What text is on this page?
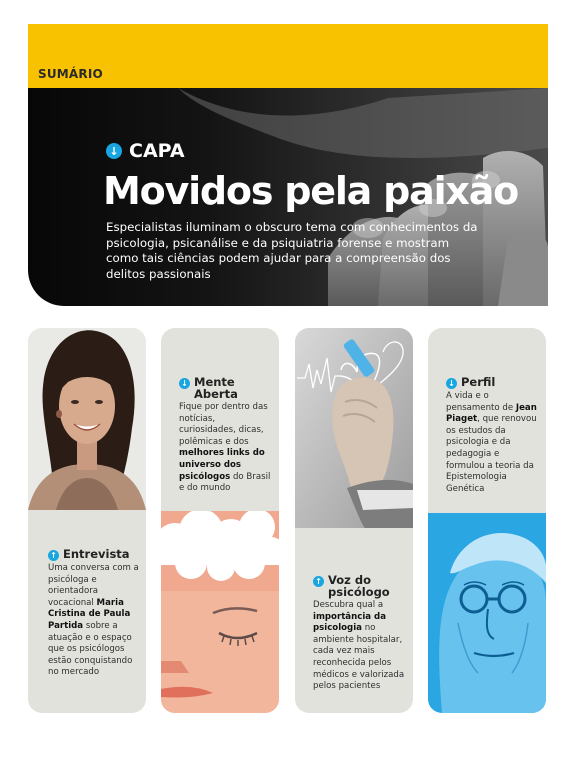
SUMÁRIO
↓ CAPA
Movidos pela paixão
Especialistas iluminam o obscuro tema com conhecimentos da psicologia, psicanálise e da psiquiatria forense e mostram como tais ciências podem ajudar para a compreensão dos delitos passionais
↑ Entrevista
Uma conversa com a psicóloga e orientadora vocacional Maria Cristina de Paula Partida sobre a atuação e o espaço que os psicólogos estão conquistando no mercado
↓ Mente
Aberta
Fique por dentro das notícias, curiosidades, dicas, polêmicas e dos melhores links do universo dos psicólogos do Brasil e do mundo
↑ Voz do
psicólogo
Descubra qual a importância da psicologia no ambiente hospitalar, cada vez mais reconhecida pelos médicos e valorizada pelos pacientes
↓ Perfil
A vida e o pensamento de Jean Piaget, que renovou os estudos da psicologia e da pedagogia e formulou a teoria da Epistemologia Genética
